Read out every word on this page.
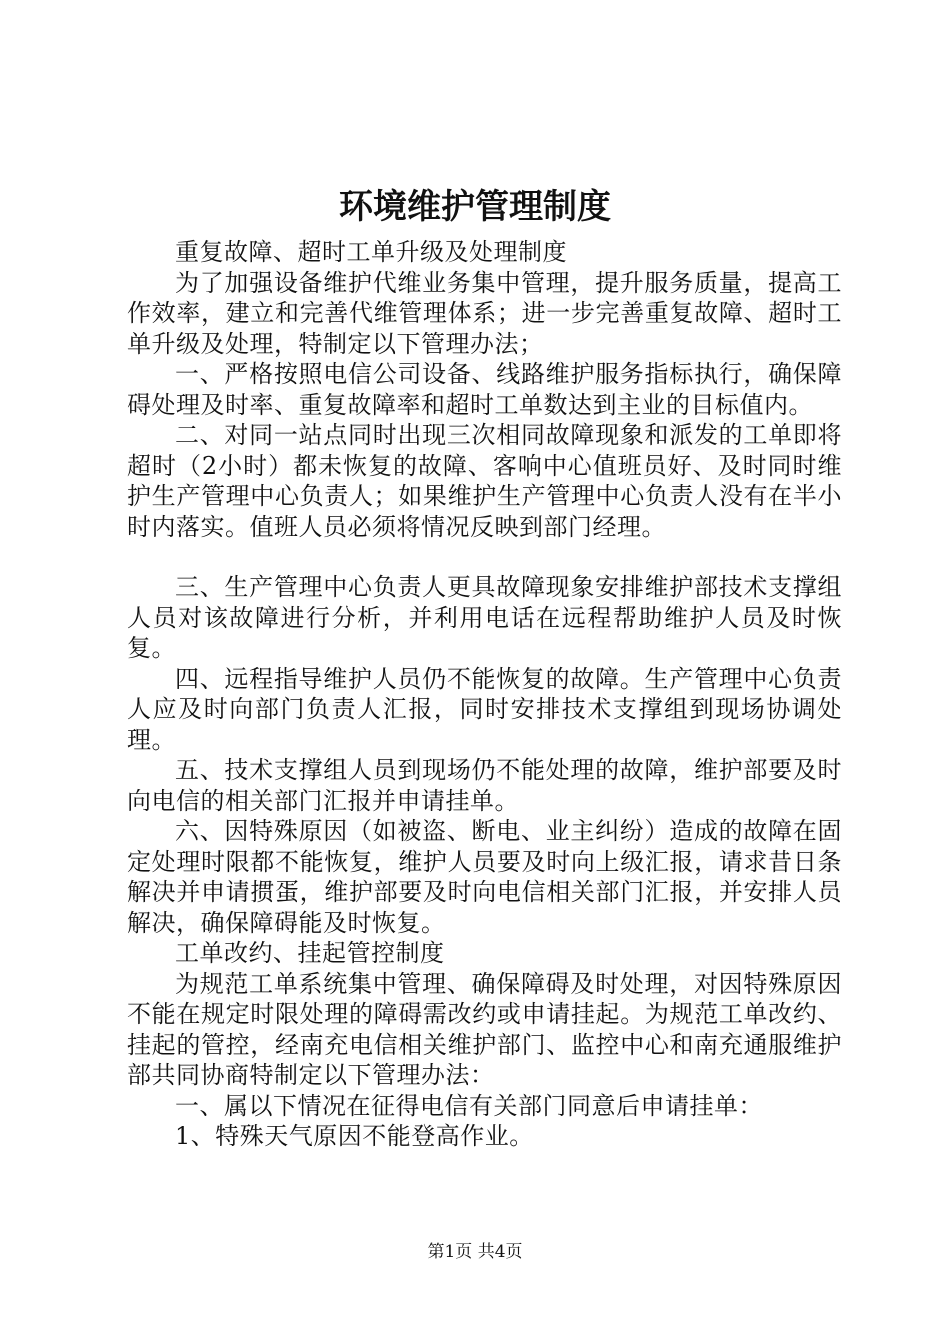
环境维护管理制度

重复故障、超时工单升级及处理制度

为了加强设备维护代维业务集中管理，提升服务质量，提高工作效率，建立和完善代维管理体系；进一步完善重复故障、超时工单升级及处理，特制定以下管理办法；

一、严格按照电信公司设备、线路维护服务指标执行，确保障碍处理及时率、重复故障率和超时工单数达到主业的目标值内。

二、对同一站点同时出现三次相同故障现象和派发的工单即将超时（2小时）都未恢复的故障、客响中心值班员好、及时同时维护生产管理中心负责人；如果维护生产管理中心负责人没有在半小时内落实。值班人员必须将情况反映到部门经理。

三、生产管理中心负责人更具故障现象安排维护部技术支撑组人员对该故障进行分析，并利用电话在远程帮助维护人员及时恢复。

四、远程指导维护人员仍不能恢复的故障。生产管理中心负责人应及时向部门负责人汇报，同时安排技术支撑组到现场协调处理。

五、技术支撑组人员到现场仍不能处理的故障，维护部要及时向电信的相关部门汇报并申请挂单。

六、因特殊原因（如被盗、断电、业主纠纷）造成的故障在固定处理时限都不能恢复，维护人员要及时向上级汇报，请求昔日条解决并申请掼蛋，维护部要及时向电信相关部门汇报，并安排人员解决，确保障碍能及时恢复。

工单改约、挂起管控制度

为规范工单系统集中管理、确保障碍及时处理，对因特殊原因不能在规定时限处理的障碍需改约或申请挂起。为规范工单改约、挂起的管控，经南充电信相关维护部门、监控中心和南充通服维护部共同协商特制定以下管理办法：

一、属以下情况在征得电信有关部门同意后申请挂单：

1、特殊天气原因不能登高作业。

第1页 共4页
